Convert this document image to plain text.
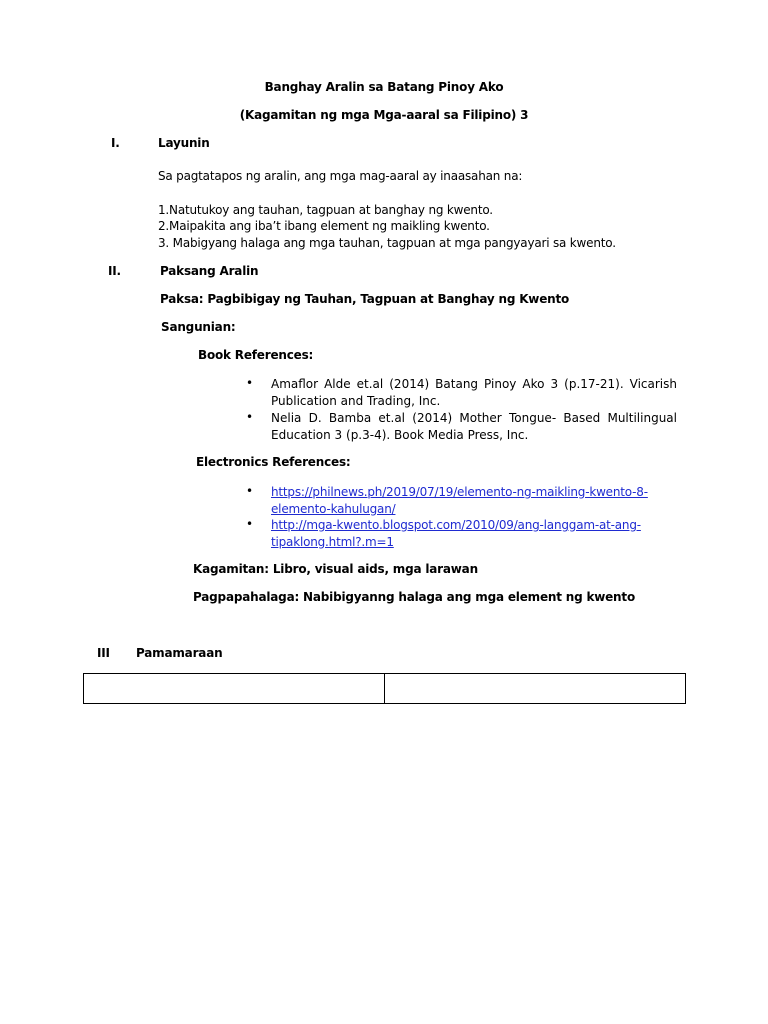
Banghay Aralin sa Batang Pinoy Ako
(Kagamitan ng mga Mga-aaral sa Filipino) 3
I.	Layunin
Sa pagtatapos ng aralin, ang mga mag-aaral ay inaasahan na:
1.Natutukoy ang tauhan, tagpuan at banghay ng kwento.
2.Maipakita ang iba’t ibang element ng maikling kwento.
3. Mabigyang halaga ang mga tauhan, tagpuan at mga pangyayari sa kwento.
II.	Paksang Aralin
Paksa: Pagbibigay ng Tauhan, Tagpuan at Banghay ng Kwento
Sangunian:
Book References:
• Amaflor Alde et.al (2014) Batang Pinoy Ako 3 (p.17-21). Vicarish
Publication and Trading, Inc.
• Nelia D. Bamba et.al (2014) Mother Tongue- Based Multilingual
Education 3 (p.3-4). Book Media Press, Inc.
Electronics References:
• https://philnews.ph/2019/07/19/elemento-ng-maikling-kwento-8-
elemento-kahulugan/
• http://mga-kwento.blogspot.com/2010/09/ang-langgam-at-ang-
tipaklong.html?.m=1
Kagamitan: Libro, visual aids, mga larawan
Pagpapahalaga: Nabibigyanng halaga ang mga element ng kwento
III Pamamaraan
